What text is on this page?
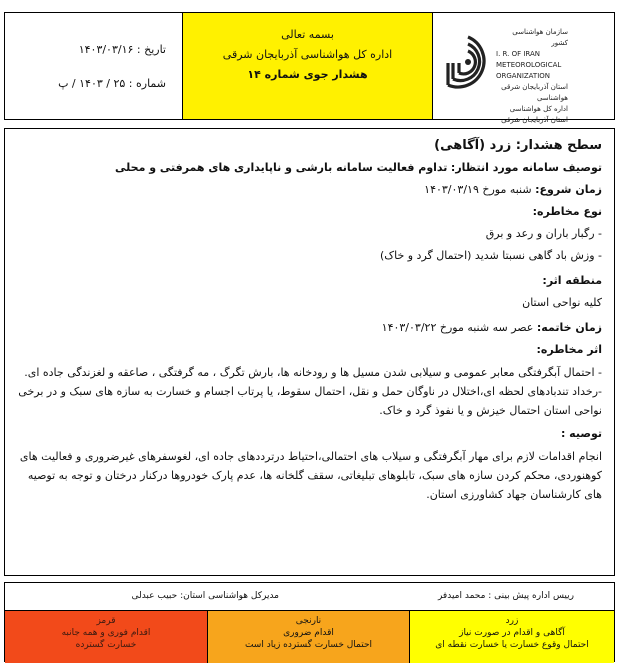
سازمان هواشناسی کشور
I. R. OF IRAN
METEOROLOGICAL
ORGANIZATION
استان آذربایجان شرقی
هواشناسی
اداره کل هواشناسی
استان آذربایجان شرقی
بسمه تعالی
اداره کل هواشناسی آذربایجان شرقی
هشدار جوی شماره ۱۴
تاریخ : ۱۴۰۳/۰۳/۱۶
شماره : ۲۵ / ۱۴۰۳ / پ
سطح هشدار: زرد (آگاهی)
توصیف سامانه مورد انتظار: تداوم فعالیت سامانه بارشی و ناپایداری های همرفتی و محلی
زمان شروع: شنبه مورخ ۱۴۰۳/۰۳/۱۹
نوع مخاطره:
- رگبار باران و رعد و برق
- وزش باد گاهی نسبتا شدید (احتمال گرد و خاک)
منطقه اثر:
کلیه نواحی استان
زمان خاتمه: عصر سه شنبه مورخ ۱۴۰۳/۰۳/۲۲
اثر مخاطره:
- احتمال آبگرفتگی معابر عمومی و سیلابی شدن مسیل ها و رودخانه ها، بارش تگرگ ، مه گرفتگی ، صاعقه و لغزندگی جاده ای. -رخداد تندبادهای لحظه ای،اختلال در ناوگان حمل و نقل، احتمال سقوط، یا پرتاب اجسام و خسارت به سازه های سبک و در برخی نواحی استان احتمال خیزش و یا نفوذ گرد و خاک.
توصیه :
انجام اقدامات لازم برای مهار آبگرفتگی و سیلاب های احتمالی،احتیاط درترددهای جاده ای، لغوسفرهای غیرضروری و فعالیت های کوهنوردی، محکم کردن سازه های سبک، تابلوهای تبلیغاتی، سقف گلخانه ها، عدم پارک خودروها درکنار درختان و توجه به توصیه های کارشناسان جهاد کشاورزی استان.
رییس اداره پیش بینی : محمد امیدفر
مدیرکل هواشناسی استان: حبیب عبدلی
زرد
آگاهی و اقدام در صورت نیاز
احتمال وقوع خسارت یا خسارت نقطه ای
نارنجی
اقدام ضروری
احتمال خسارت گسترده زیاد است
قرمز
اقدام فوری و همه جانبه
خسارت گسترده
